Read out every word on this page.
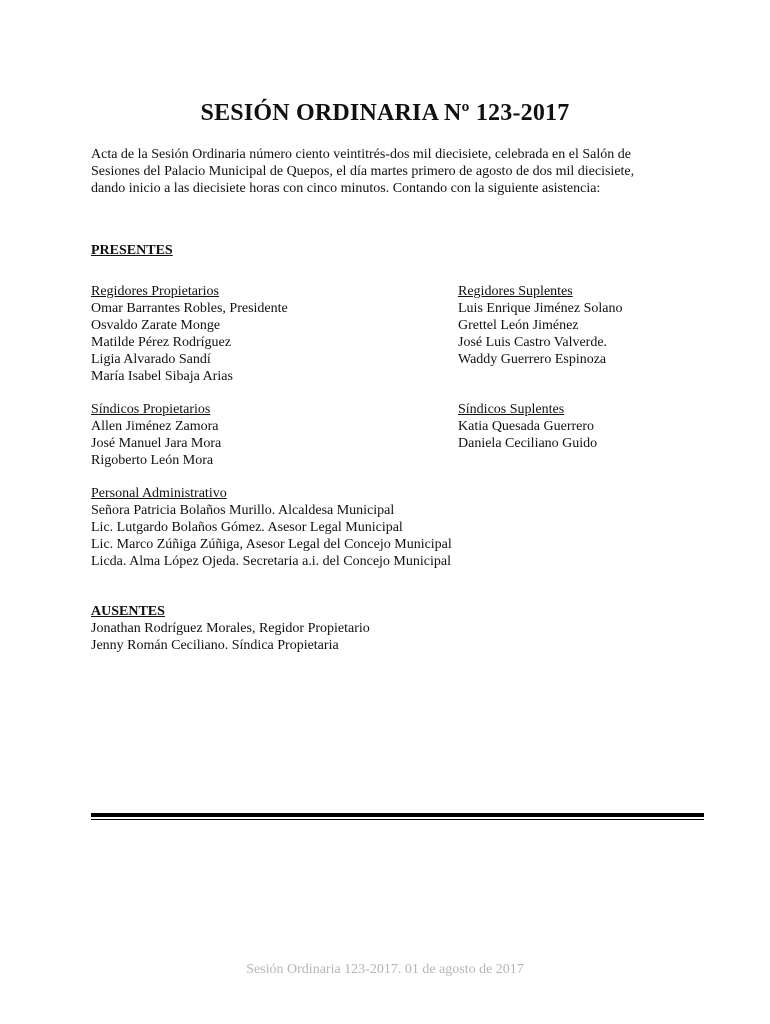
SESIÓN ORDINARIA Nº 123-2017
Acta de la Sesión Ordinaria número ciento veintitrés-dos mil diecisiete, celebrada en el Salón de
Sesiones del Palacio Municipal de Quepos, el día martes primero de agosto de dos mil diecisiete,
dando inicio a las diecisiete horas con cinco minutos. Contando con la siguiente asistencia:
PRESENTES
Regidores Propietarios
Omar Barrantes Robles, Presidente
Osvaldo Zarate Monge
Matilde Pérez Rodríguez
Ligia Alvarado Sandí
María Isabel Sibaja Arias
Regidores Suplentes
Luis Enrique Jiménez Solano
Grettel León Jiménez
José Luis Castro Valverde.
Waddy Guerrero Espinoza
Síndicos Propietarios
Allen Jiménez Zamora
José Manuel Jara Mora
Rigoberto León Mora
Síndicos Suplentes
Katia Quesada Guerrero
Daniela Ceciliano Guido
Personal Administrativo
Señora Patricia Bolaños Murillo. Alcaldesa Municipal
Lic. Lutgardo Bolaños Gómez. Asesor Legal Municipal
Lic. Marco Zúñiga Zúñiga, Asesor Legal del Concejo Municipal
Licda. Alma López Ojeda. Secretaria a.i. del Concejo Municipal
AUSENTES
Jonathan Rodríguez Morales, Regidor Propietario
Jenny Román Ceciliano. Síndica Propietaria
Sesión Ordinaria 123-2017. 01 de agosto de 2017
